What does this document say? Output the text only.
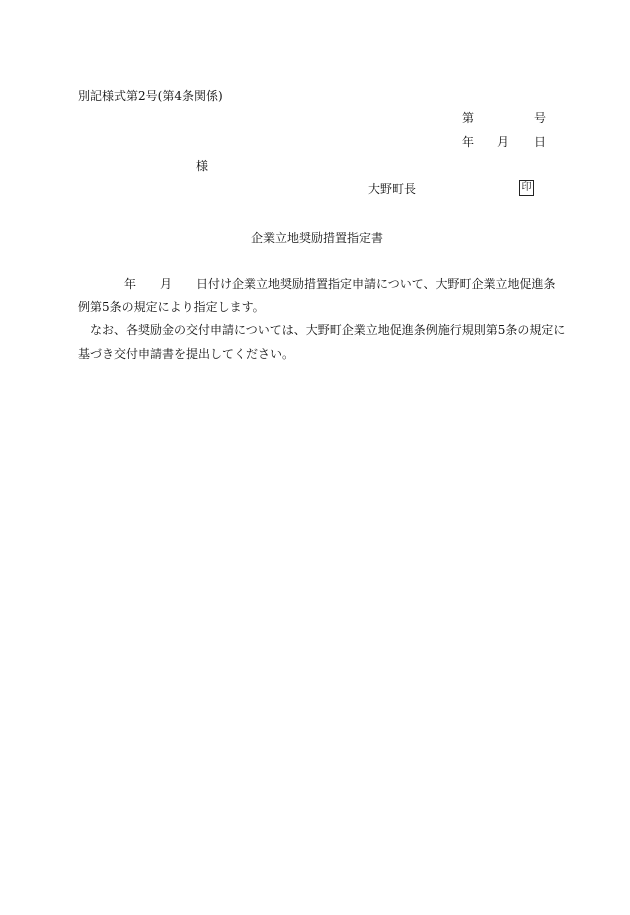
別記様式第2号(第4条関係)
第	号
年 月 日
様
大野町長	印
企業立地奨励措置指定書
年 月 日付け企業立地奨励措置指定申請について、大野町企業立地促進条
例第5条の規定により指定します。
なお、各奨励金の交付申請については、大野町企業立地促進条例施行規則第5条の規定に
基づき交付申請書を提出してください。
